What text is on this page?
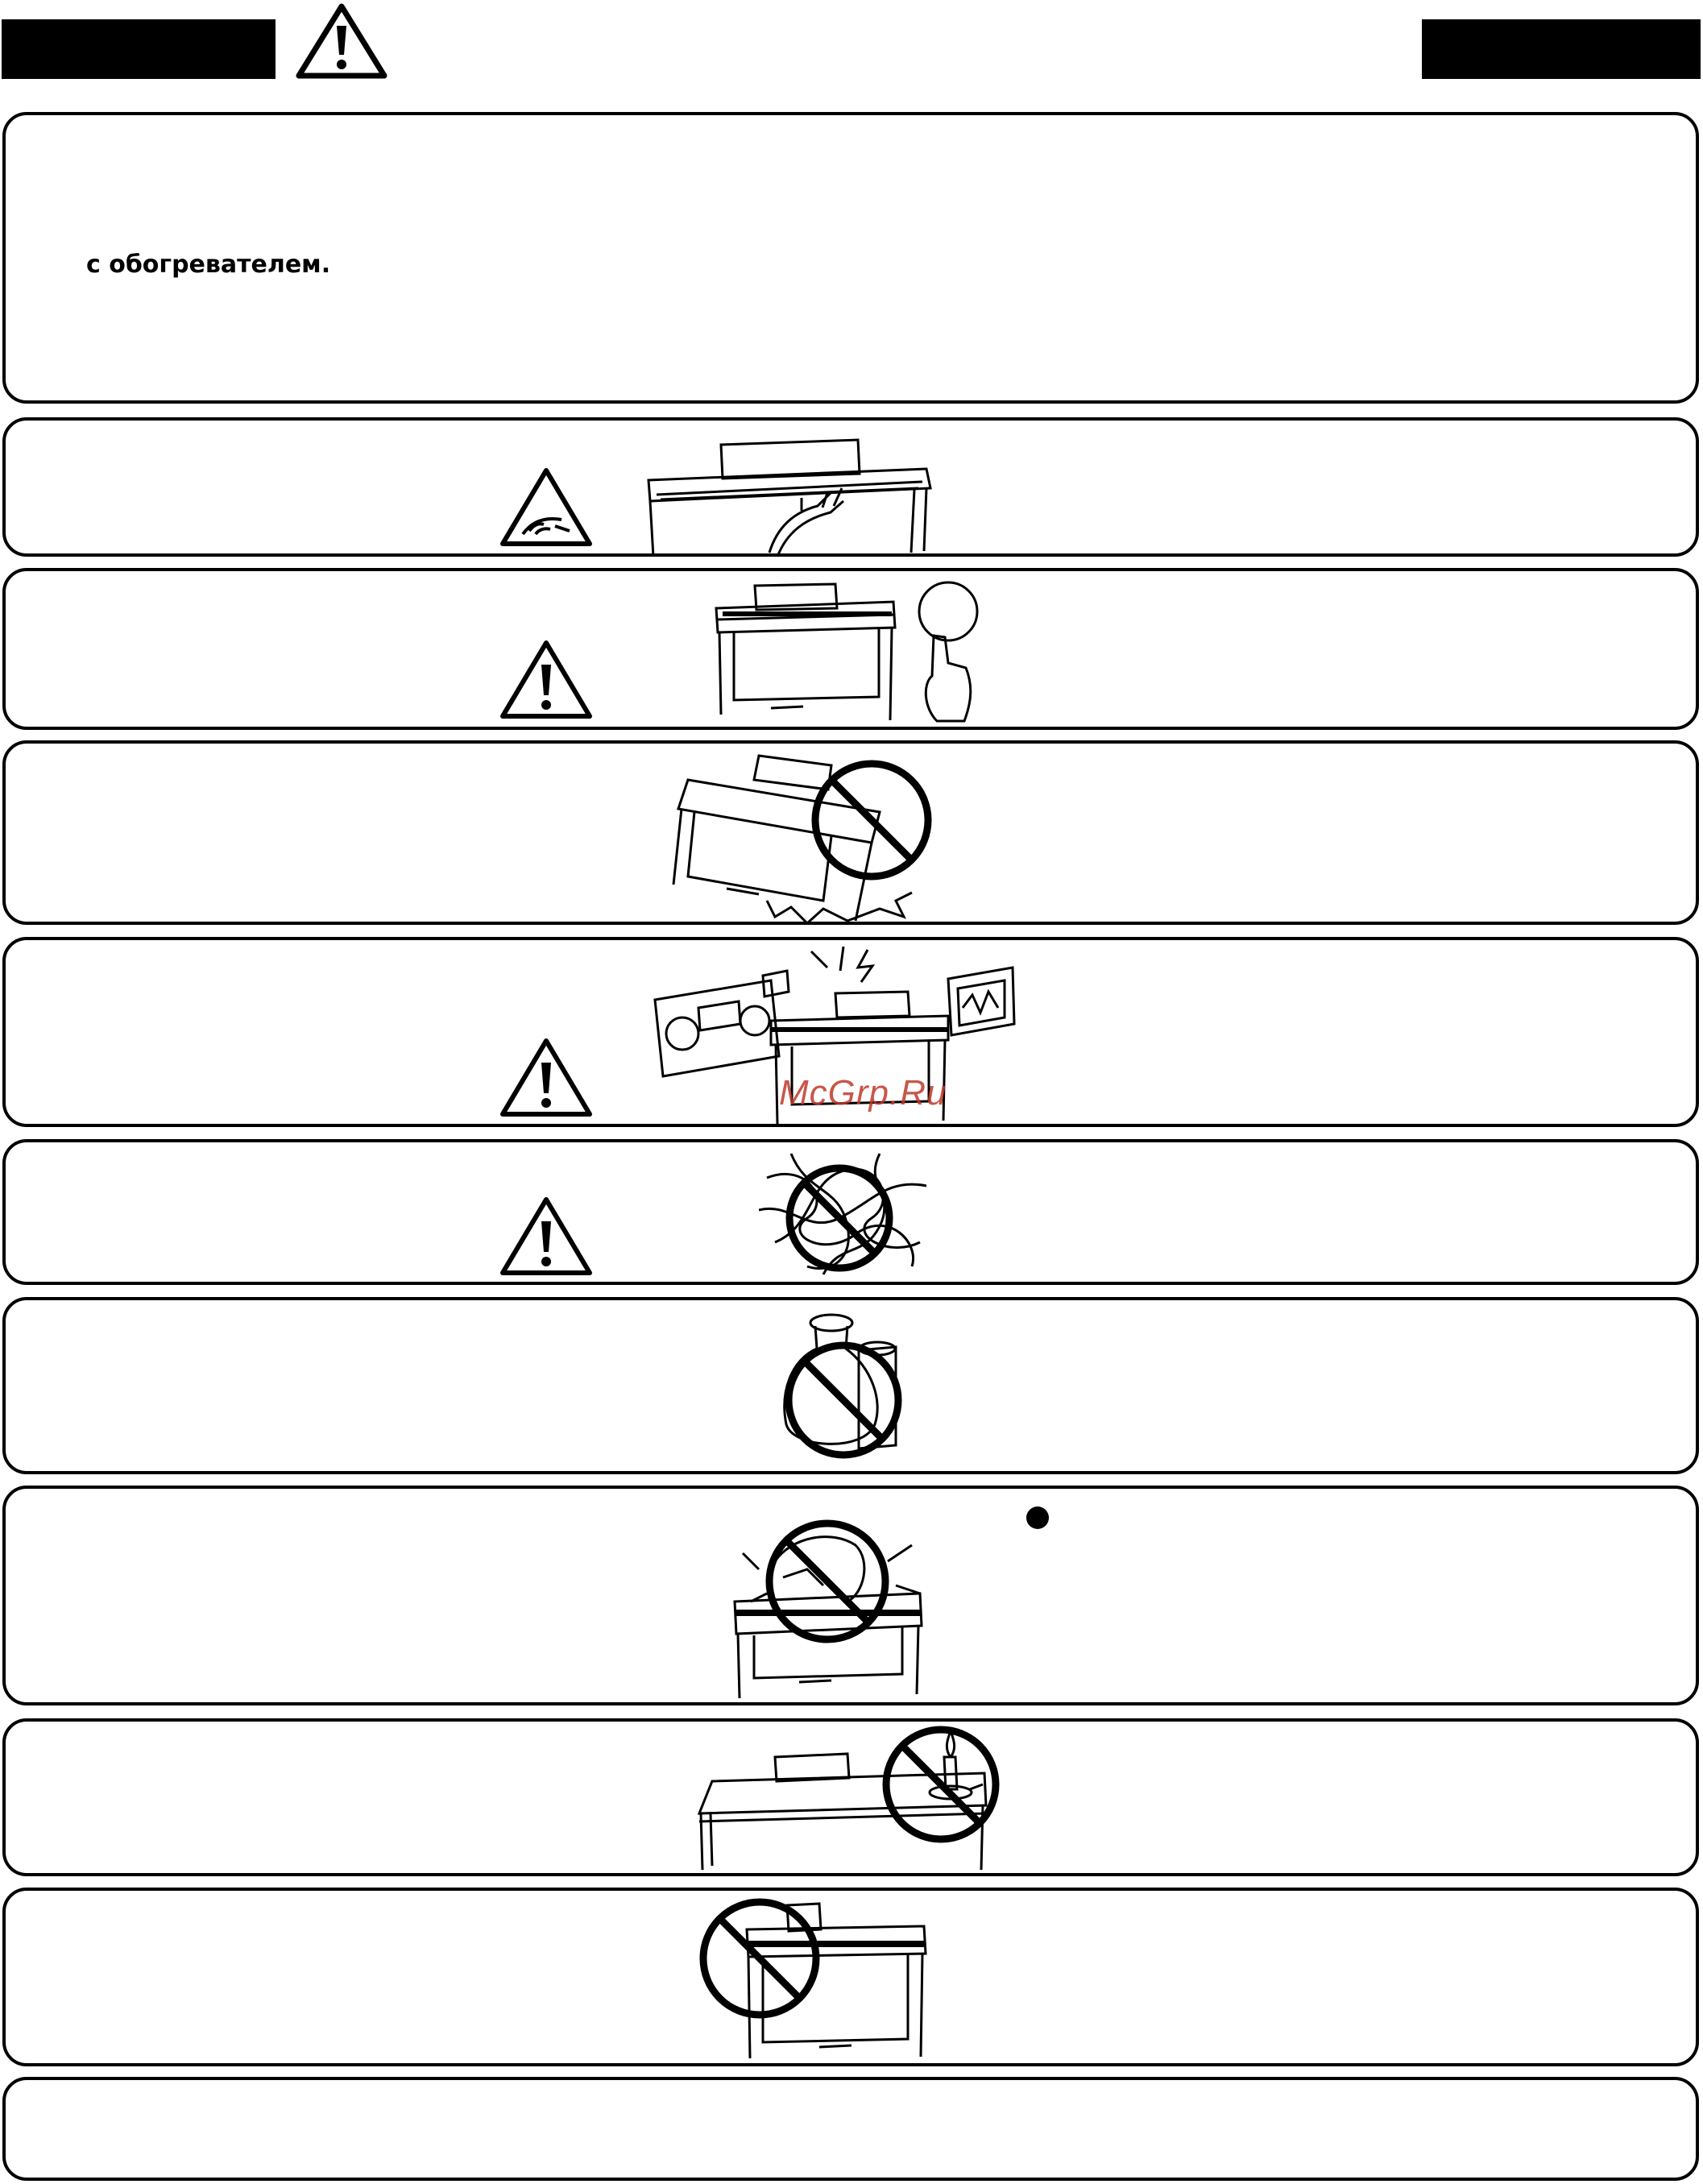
с обогревателем.
McGrp.Ru
